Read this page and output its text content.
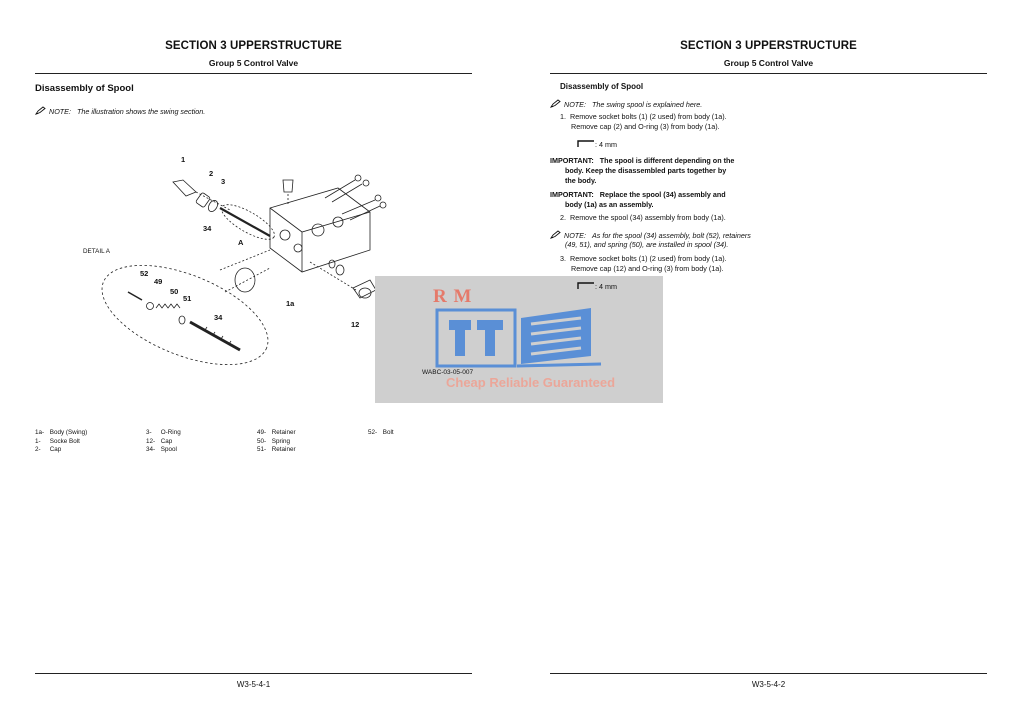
SECTION 3 UPPERSTRUCTURE
Group 5 Control Valve
Disassembly of Spool
NOTE: The illustration shows the swing section.
1
2
3
34
A
DETAIL A
52
49
50
51
34
1a
12
R M
WABC-03-05-007
Cheap Reliable Guaranteed
1a- Body (Swing)
1- Socke Bolt
2- Cap
3- O-Ring
12- Cap
34- Spool
49- Retainer
50- Spring
51- Retainer
52- Bolt
W3-5-4-1
SECTION 3 UPPERSTRUCTURE
Group 5 Control Valve
Disassembly of Spool
NOTE: The swing spool is explained here.
1. Remove socket bolts (1) (2 used) from body (1a).
Remove cap (2) and O-ring (3) from body (1a).
: 4 mm
IMPORTANT: The spool is different depending on the
body. Keep the disassembled parts together by
the body.
IMPORTANT: Replace the spool (34) assembly and
body (1a) as an assembly.
2. Remove the spool (34) assembly from body (1a).
NOTE: As for the spool (34) assembly, bolt (52), retainers
(49, 51), and spring (50), are installed in spool (34).
3. Remove socket bolts (1) (2 used) from body (1a).
Remove cap (12) and O-ring (3) from body (1a).
: 4 mm
W3-5-4-2
